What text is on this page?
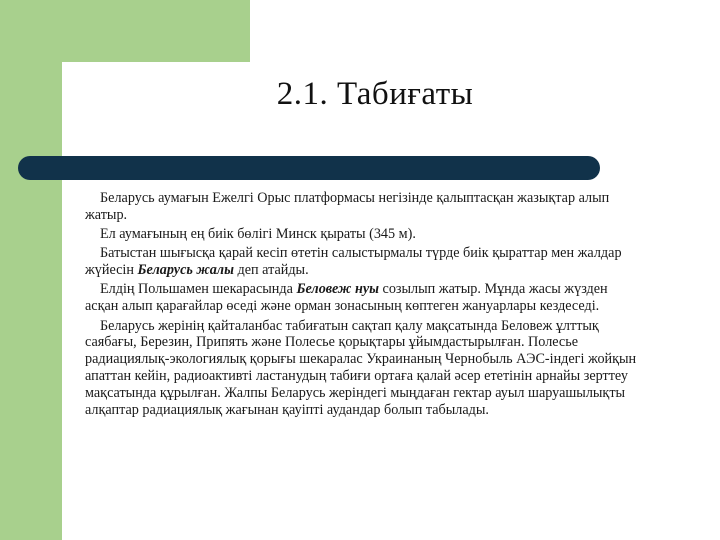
2.1. Табиғаты

Беларусь аумағын Ежелгі Орыс платформасы негізінде қалыптасқан жазықтар алып жатыр.

Ел аумағының ең биік бөлігі Минск қыраты (345 м).

Батыстан шығысқа қарай кесіп өтетін салыстырмалы түрде биік қыраттар мен жалдар жүйесін Беларусь жалы деп атайды.

Елдің Польшамен шекарасында Беловеж нуы созылып жатыр. Мұнда жасы жүзден асқан алып қарағайлар өседі және орман зонасының көптеген жануарлары кездеседі.

Беларусь жерінің қайталанбас табиғатын сақтап қалу мақсатында Беловеж ұлттық саябағы, Березин, Припять және Полесье қорықтары ұйымдастырылған. Полесье радиациялық-экологиялық қорығы шекаралас Украинаның Чернобыль АЭС-індегі жойқын апаттан кейін, радиоактивті ластанудың табиғи ортаға қалай әсер ететінін арнайы зерттеу мақсатында құрылған. Жалпы Беларусь жеріндегі мыңдаған гектар ауыл шаруашылықты алқаптар радиациялық жағынан қауіпті аудандар болып табылады.
